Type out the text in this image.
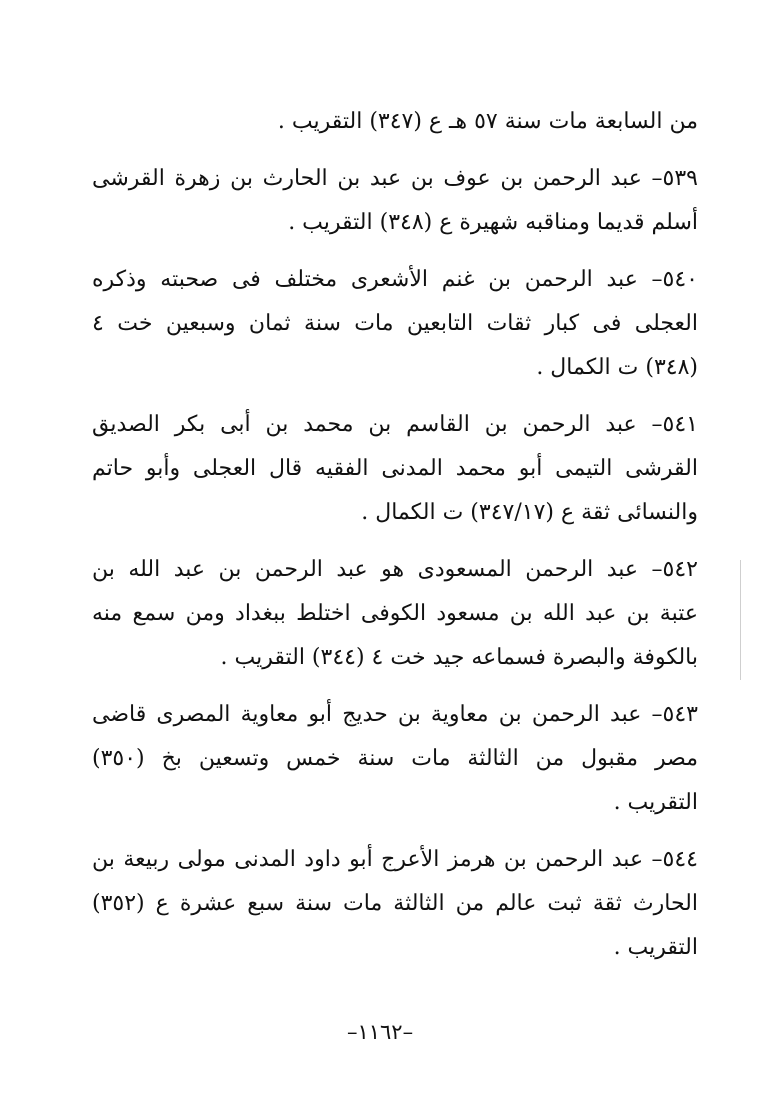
من السابعة مات سنة ٥٧ هـ ع (٣٤٧) التقريب .
٥٣٩– عبد الرحمن بن عوف بن عبد بن الحارث بن زهرة القرشى
أسلم قديما ومناقبه شهيرة ع (٣٤٨) التقريب .
٥٤٠– عبد الرحمن بن غنم الأشعرى مختلف فى صحبته وذكره
العجلى فى كبار ثقات التابعين مات سنة ثمان وسبعين خت ٤
(٣٤٨) ت الكمال .
٥٤١– عبد الرحمن بن القاسم بن محمد بن أبى بكر الصديق
القرشى التيمى أبو محمد المدنى الفقيه قال العجلى وأبو حاتم
والنسائى ثقة ع (٣٤٧/١٧) ت الكمال .
٥٤٢– عبد الرحمن المسعودى هو عبد الرحمن بن عبد الله بن
عتبة بن عبد الله بن مسعود الكوفى اختلط ببغداد ومن سمع منه
بالكوفة والبصرة فسماعه جيد خت ٤ (٣٤٤) التقريب .
٥٤٣– عبد الرحمن بن معاوية بن حديج أبو معاوية المصرى قاضى
مصر مقبول من الثالثة مات سنة خمس وتسعين بخ (٣٥٠)
التقريب .
٥٤٤– عبد الرحمن بن هرمز الأعرج أبو داود المدنى مولى ربيعة بن
الحارث ثقة ثبت عالم من الثالثة مات سنة سبع عشرة ع (٣٥٢)
التقريب .
–١١٦٢–
